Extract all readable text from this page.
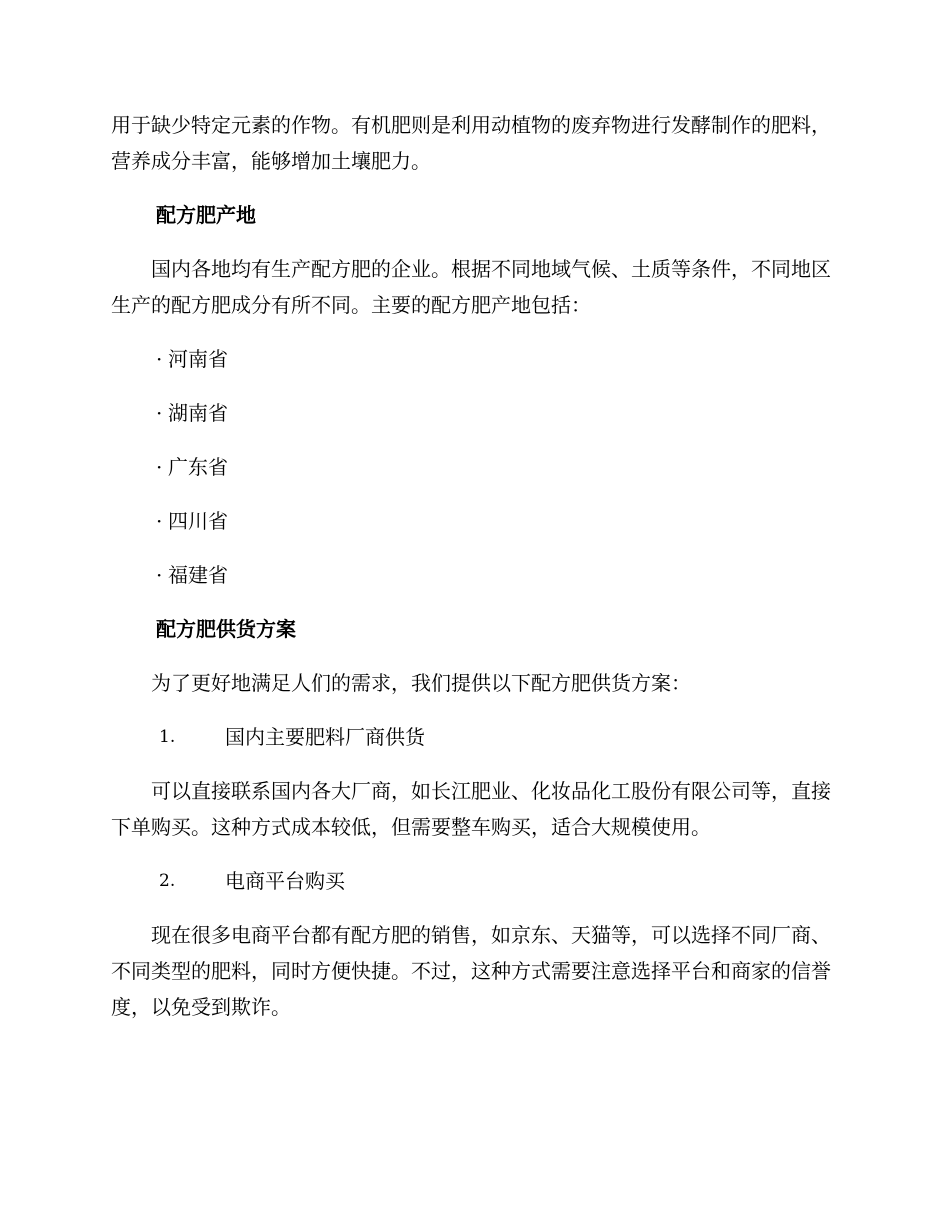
用于缺少特定元素的作物。有机肥则是利用动植物的废弃物进行发酵制作的肥料，营养成分丰富，能够增加土壤肥力。

配方肥产地

国内各地均有生产配方肥的企业。根据不同地域气候、土质等条件，不同地区生产的配方肥成分有所不同。主要的配方肥产地包括：

· 河南省
· 湖南省
· 广东省
· 四川省
· 福建省
配方肥供货方案

为了更好地满足人们的需求，我们提供以下配方肥供货方案：

1.	国内主要肥料厂商供货

可以直接联系国内各大厂商，如长江肥业、化妆品化工股份有限公司等，直接下单购买。这种方式成本较低，但需要整车购买，适合大规模使用。

2.	电商平台购买

现在很多电商平台都有配方肥的销售，如京东、天猫等，可以选择不同厂商、不同类型的肥料，同时方便快捷。不过，这种方式需要注意选择平台和商家的信誉度，以免受到欺诈。
